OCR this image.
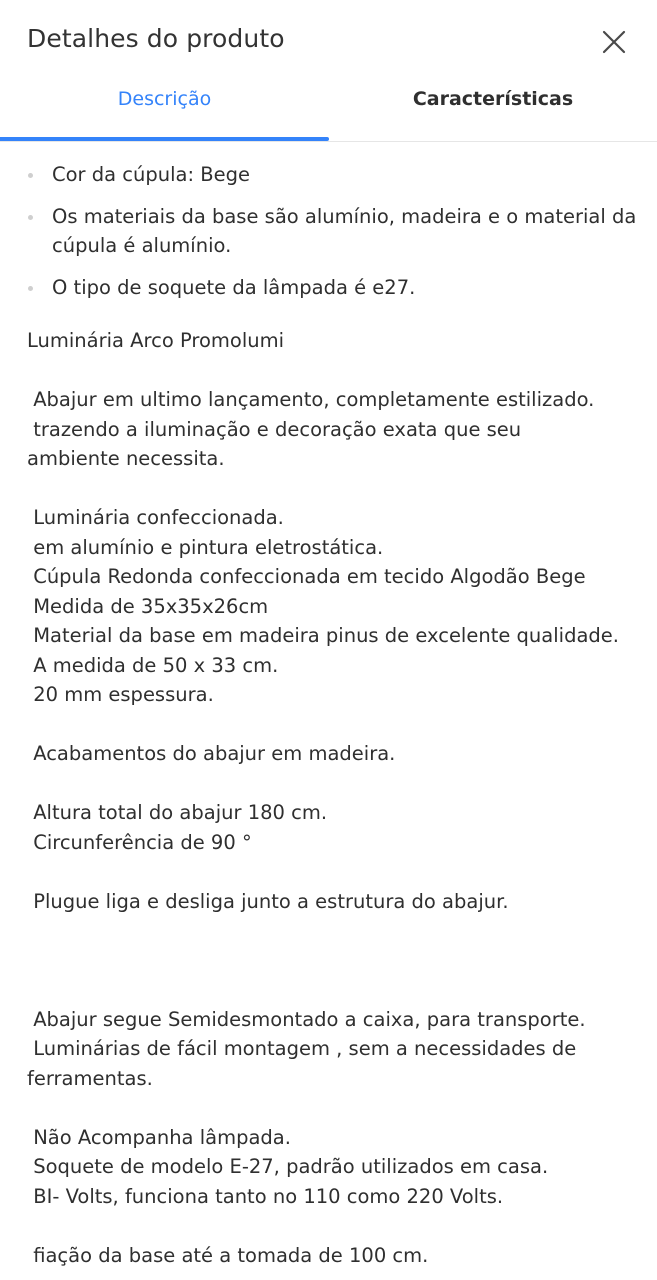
Detalhes do produto
Descrição	Características
Cor da cúpula: Bege
Os materiais da base são alumínio, madeira e o material da cúpula é alumínio.
O tipo de soquete da lâmpada é e27.

Luminária Arco Promolumi

Abajur em ultimo lançamento, completamente estilizado.
trazendo a iluminação e decoração exata que seu
ambiente necessita.

Luminária confeccionada.
em alumínio e pintura eletrostática.
Cúpula Redonda confeccionada em tecido Algodão Bege
Medida de 35x35x26cm
Material da base em madeira pinus de excelente qualidade.
A medida de 50 x 33 cm.
20 mm espessura.

Acabamentos do abajur em madeira.

Altura total do abajur 180 cm.
Circunferência de 90 °

Plugue liga e desliga junto a estrutura do abajur.

Abajur segue Semidesmontado a caixa, para transporte.
Luminárias de fácil montagem , sem a necessidades de
ferramentas.

Não Acompanha lâmpada.
Soquete de modelo E-27, padrão utilizados em casa.
BI- Volts, funciona tanto no 110 como 220 Volts.

fiação da base até a tomada de 100 cm.
